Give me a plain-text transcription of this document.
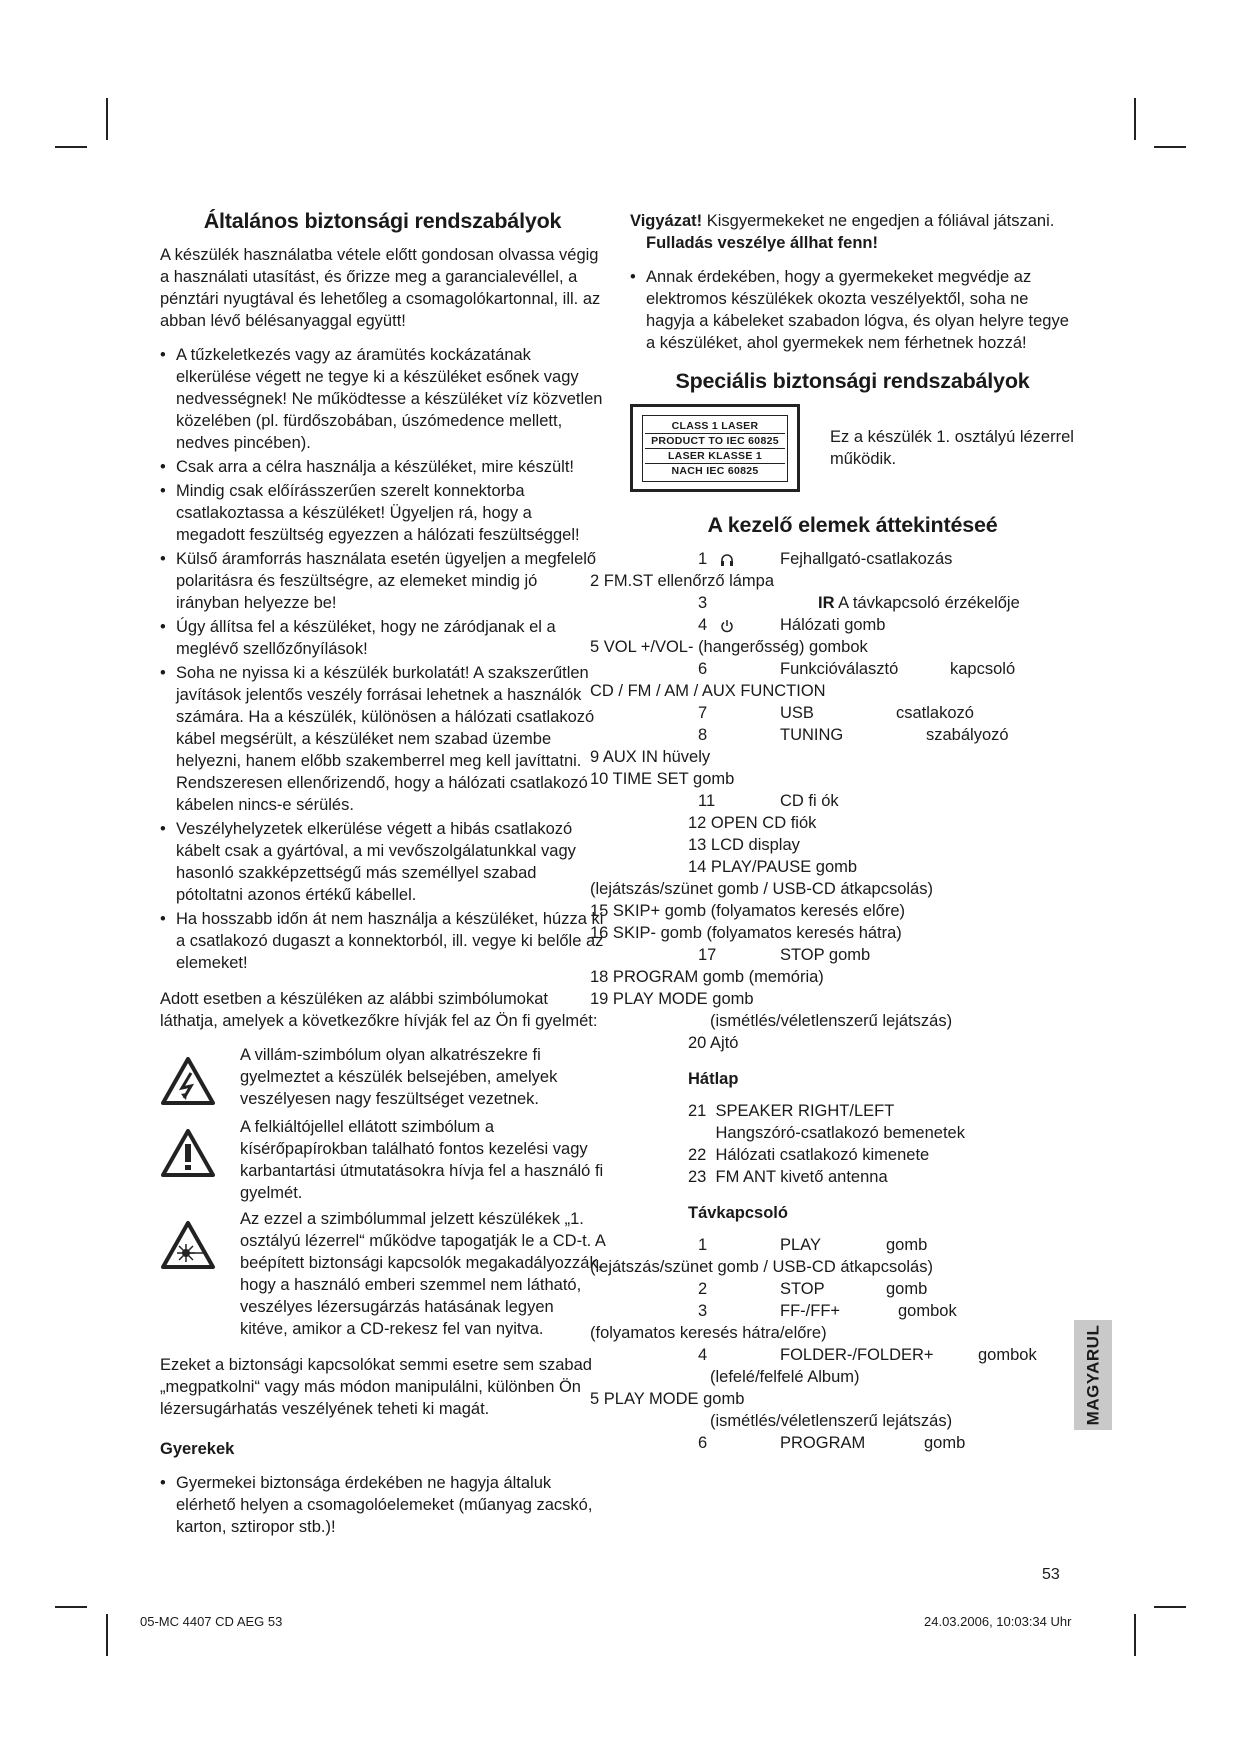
Általános biztonsági rendszabályok

A készülék használatba vétele előtt gondosan olvassa végig a használati utasítást, és őrizze meg a garancialevéllel, a pénztári nyugtával és lehetőleg a csomagolókartonnal, ill. az abban lévő bélésanyaggal együtt!

• A tűzkeletkezés vagy az áramütés kockázatának elkerülése végett ne tegye ki a készüléket esőnek vagy nedvességnek! Ne működtesse a készüléket víz közvetlen közelében (pl. fürdőszobában, úszómedence mellett, nedves pincében).
• Csak arra a célra használja a készüléket, mire készült!
• Mindig csak előírásszerűen szerelt konnektorba csatlakoztassa a készüléket! Ügyeljen rá, hogy a megadott feszültség egyezzen a hálózati feszültséggel!
• Külső áramforrás használata esetén ügyeljen a megfelelő polaritásra és feszültségre, az elemeket mindig jó irányban helyezze be!
• Úgy állítsa fel a készüléket, hogy ne záródjanak el a meglévő szellőzőnyílások!
• Soha ne nyissa ki a készülék burkolatát! A szakszerűtlen javítások jelentős veszély forrásai lehetnek a használók számára. Ha a készülék, különösen a hálózati csatlakozó kábel megsérült, a készüléket nem szabad üzembe helyezni, hanem előbb szakemberrel meg kell javíttatni. Rendszeresen ellenőrizendő, hogy a hálózati csatlakozó kábelen nincs-e sérülés.
• Veszélyhelyzetek elkerülése végett a hibás csatlakozó kábelt csak a gyártóval, a mi vevőszolgálatunkkal vagy hasonló szakképzettségű más személlyel szabad pótoltatni azonos értékű kábellel.
• Ha hosszabb időn át nem használja a készüléket, húzza ki a csatlakozó dugaszt a konnektorból, ill. vegye ki belőle az elemeket!

Adott esetben a készüléken az alábbi szimbólumokat láthatja, amelyek a következőkre hívják fel az Ön fi gyelmét:

A villám-szimbólum olyan alkatrészekre fi gyelmeztet a készülék belsejében, amelyek veszélyesen nagy feszültséget vezetnek.
A felkiáltójellel ellátott szimbólum a kísérőpapírokban található fontos kezelési vagy karbantartási útmutatásokra hívja fel a használó fi gyelmét.
Az ezzel a szimbólummal jelzett készülékek „1. osztályú lézerrel“ működve tapogatják le a CD-t. A beépített biztonsági kapcsolók megakadályozzák, hogy a használó emberi szemmel nem látható, veszélyes lézersugárzás hatásának legyen kitéve, amikor a CD-rekesz fel van nyitva.

Ezeket a biztonsági kapcsolókat semmi esetre sem szabad „megpatkolni“ vagy más módon manipulálni, különben Ön lézersugárhatás veszélyének teheti ki magát.

Gyerekek
• Gyermekei biztonsága érdekében ne hagyja általuk elérhető helyen a csomagolóelemeket (műanyag zacskó, karton, sztiropor stb.)!
Vigyázat! Kisgyermekeket ne engedjen a fóliával játszani.
Fulladás veszélye állhat fenn!
• Annak érdekében, hogy a gyermekeket megvédje az elektromos készülékek okozta veszélyektől, soha ne hagyja a kábeleket szabadon lógva, és olyan helyre tegye a készüléket, ahol gyermekek nem férhetnek hozzá!
Speciális biztonsági rendszabályok
CLASS 1 LASER
PRODUCT TO IEC 60825
LASER KLASSE 1
NACH IEC 60825
Ez a készülék 1. osztályú lézerrel működik.
A kezelő elemek áttekintéseé
1	Fejhallgató-csatlakozás
2 FM.ST ellenőrző lámpa
3	IR A távkapcsoló érzékelője
4	Hálózati gomb
5 VOL +/VOL- (hangerősség) gombok
6	Funkcióválasztó	kapcsoló
CD / FM / AM / AUX FUNCTION
7	USB	csatlakozó
8	TUNING	szabályozó
9 AUX IN hüvely
10 TIME SET gomb
11	CD fi ók
12 OPEN CD fiók
13 LCD display
14 PLAY/PAUSE gomb
(lejátszás/szünet gomb / USB-CD átkapcsolás)
15 SKIP+ gomb (folyamatos keresés előre)
16 SKIP- gomb (folyamatos keresés hátra)
17	STOP gomb
18 PROGRAM gomb (memória)
19 PLAY MODE gomb
(ismétlés/véletlenszerű lejátszás)
20 Ajtó
Hátlap
21  SPEAKER RIGHT/LEFT
Hangszóró-csatlakozó bemenetek
22  Hálózati csatlakozó kimenete
23  FM ANT kivető antenna
Távkapcsoló
1	PLAY	gomb
(lejátszás/szünet gomb / USB-CD átkapcsolás)
2	STOP	gomb
3	FF-/FF+	gombok
(folyamatos keresés hátra/előre)
4	FOLDER-/FOLDER+	gombok
(lefelé/felfelé Album)
5 PLAY MODE gomb
(ismétlés/véletlenszerű lejátszás)
6	PROGRAM	gomb
MAGYARUL
53
05-MC 4407 CD AEG 53	24.03.2006, 10:03:34 Uhr
